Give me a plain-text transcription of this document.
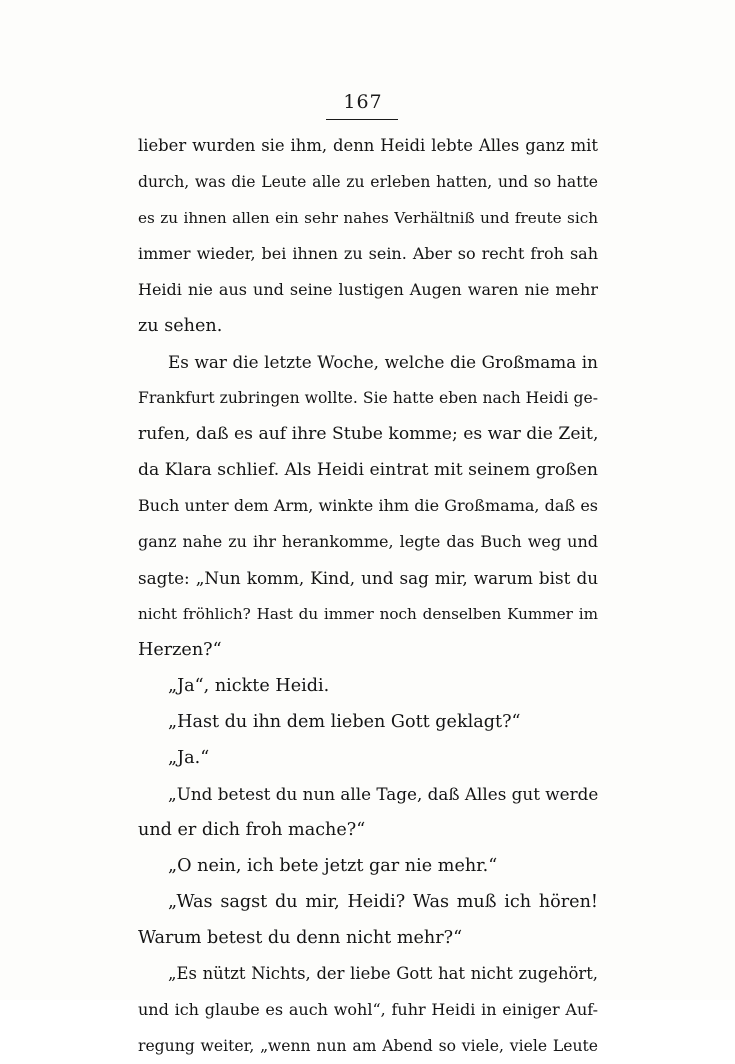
167
lieber wurden sie ihm, denn Heidi lebte Alles ganz mit
durch, was die Leute alle zu erleben hatten, und so hatte
es zu ihnen allen ein sehr nahes Verhältniß und freute sich
immer wieder, bei ihnen zu sein. Aber so recht froh sah
Heidi nie aus und seine lustigen Augen waren nie mehr
zu sehen.
Es war die letzte Woche, welche die Großmama in
Frankfurt zubringen wollte. Sie hatte eben nach Heidi ge-
rufen, daß es auf ihre Stube komme; es war die Zeit,
da Klara schlief. Als Heidi eintrat mit seinem großen
Buch unter dem Arm, winkte ihm die Großmama, daß es
ganz nahe zu ihr herankomme, legte das Buch weg und
sagte: „Nun komm, Kind, und sag mir, warum bist du
nicht fröhlich? Hast du immer noch denselben Kummer im
Herzen?“
„Ja“, nickte Heidi.
„Hast du ihn dem lieben Gott geklagt?“
„Ja.“
„Und betest du nun alle Tage, daß Alles gut werde
und er dich froh mache?“
„O nein, ich bete jetzt gar nie mehr.“
„Was sagst du mir, Heidi? Was muß ich hören!
Warum betest du denn nicht mehr?“
„Es nützt Nichts, der liebe Gott hat nicht zugehört,
und ich glaube es auch wohl“, fuhr Heidi in einiger Auf-
regung weiter, „wenn nun am Abend so viele, viele Leute
